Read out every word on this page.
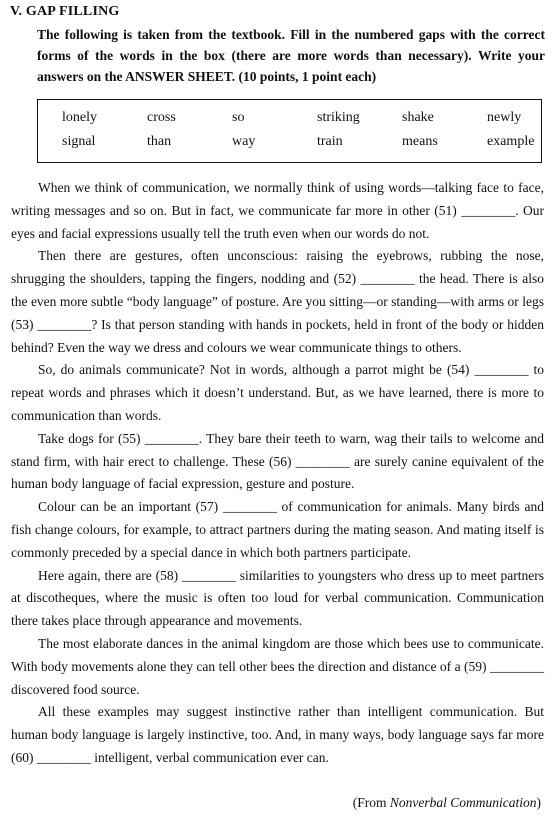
V. GAP FILLING
The following is taken from the textbook. Fill in the numbered gaps with the correct forms of the words in the box (there are more words than necessary). Write your answers on the ANSWER SHEET. (10 points, 1 point each)
lonely	cross	so	striking	shake	newly
signal	than	way	train	means	example

When we think of communication, we normally think of using words—talking face to face, writing messages and so on. But in fact, we communicate far more in other (51) ________. Our eyes and facial expressions usually tell the truth even when our words do not.

Then there are gestures, often unconscious: raising the eyebrows, rubbing the nose, shrugging the shoulders, tapping the fingers, nodding and (52) ________ the head. There is also the even more subtle “body language” of posture. Are you sitting—or standing—with arms or legs (53) ________? Is that person standing with hands in pockets, held in front of the body or hidden behind? Even the way we dress and colours we wear communicate things to others.

So, do animals communicate? Not in words, although a parrot might be (54) ________ to repeat words and phrases which it doesn’t understand. But, as we have learned, there is more to communication than words.

Take dogs for (55) ________. They bare their teeth to warn, wag their tails to welcome and stand firm, with hair erect to challenge. These (56) ________ are surely canine equivalent of the human body language of facial expression, gesture and posture.

Colour can be an important (57) ________ of communication for animals. Many birds and fish change colours, for example, to attract partners during the mating season. And mating itself is commonly preceded by a special dance in which both partners participate.

Here again, there are (58) ________ similarities to youngsters who dress up to meet partners at discotheques, where the music is often too loud for verbal communication. Communication there takes place through appearance and movements.

The most elaborate dances in the animal kingdom are those which bees use to communicate. With body movements alone they can tell other bees the direction and distance of a (59) ________ discovered food source.

All these examples may suggest instinctive rather than intelligent communication. But human body language is largely instinctive, too. And, in many ways, body language says far more (60) ________ intelligent, verbal communication ever can.

(From Nonverbal Communication)
